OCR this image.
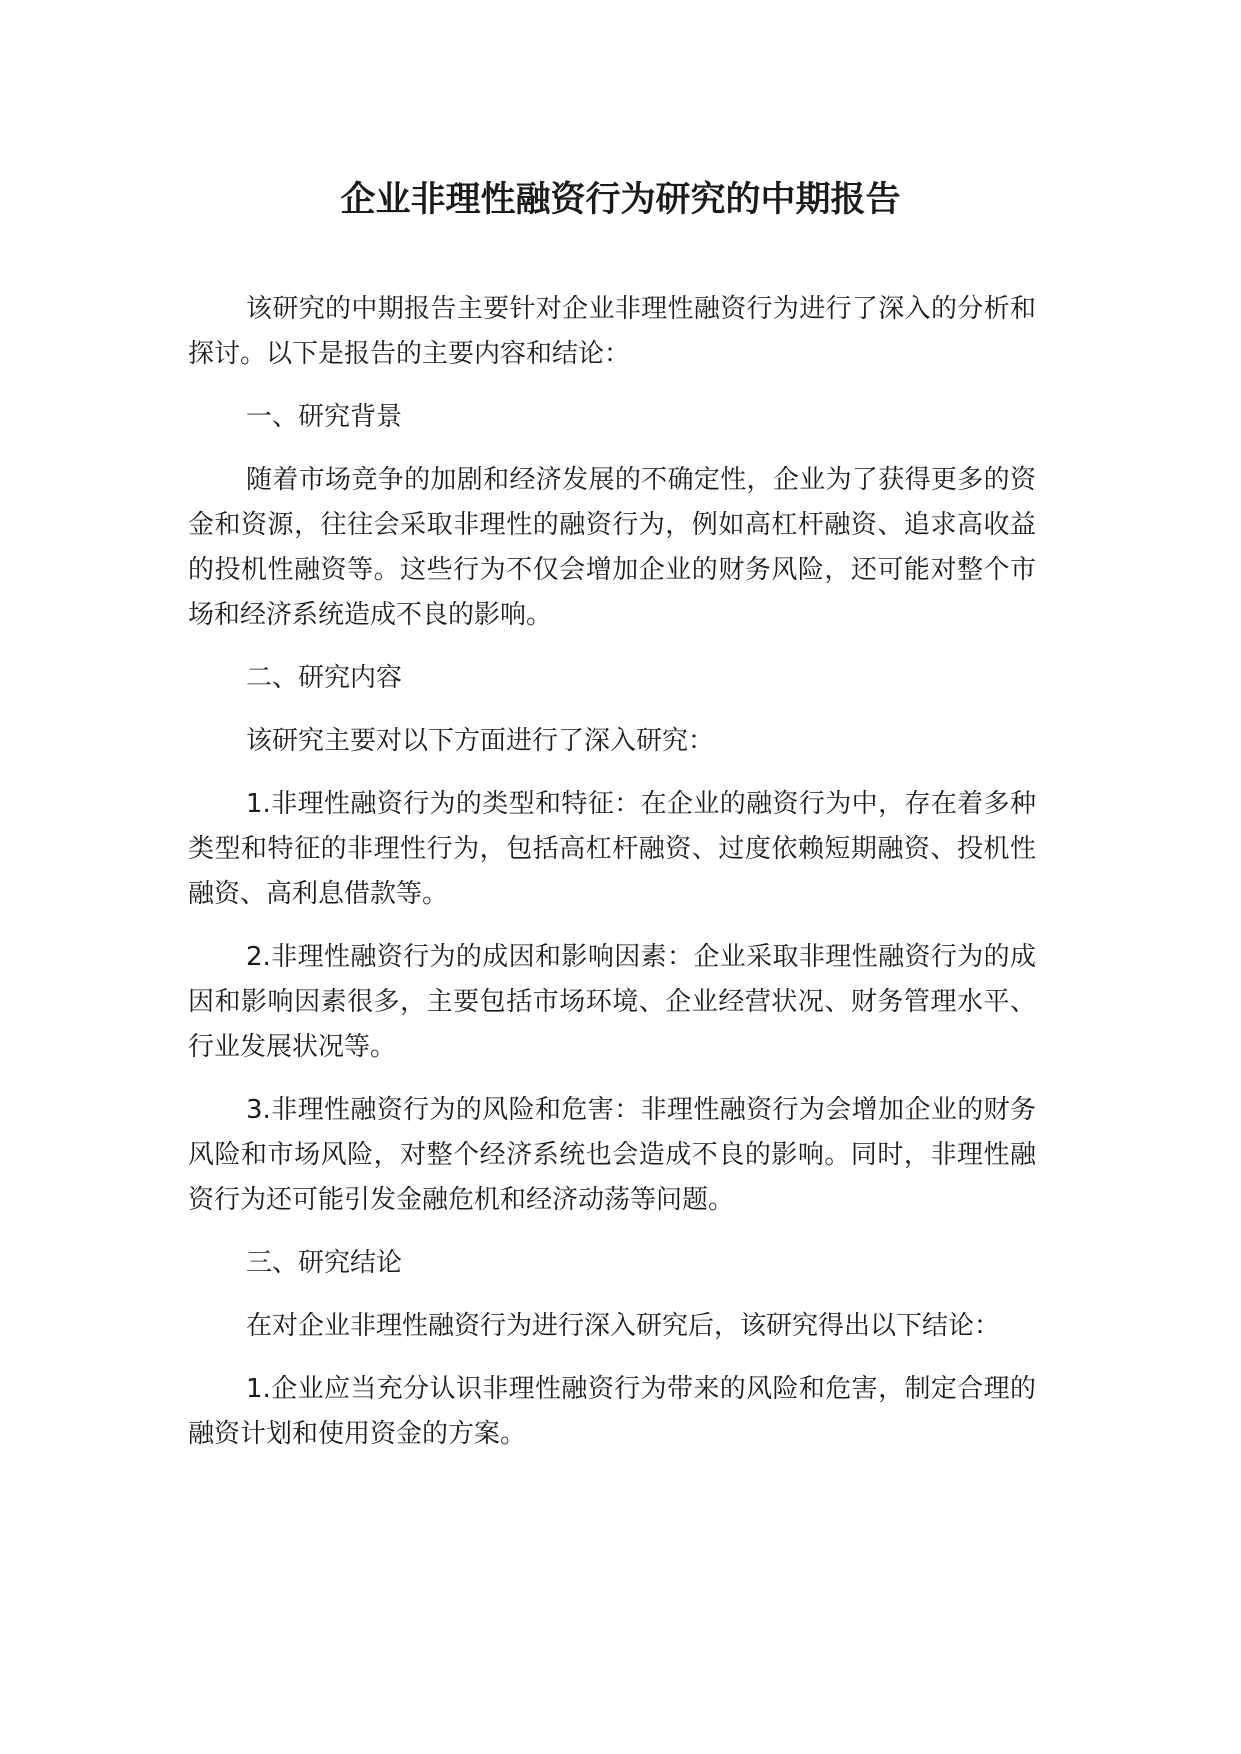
企业非理性融资行为研究的中期报告

该研究的中期报告主要针对企业非理性融资行为进行了深入的分析和探讨。以下是报告的主要内容和结论：

一、研究背景

随着市场竞争的加剧和经济发展的不确定性，企业为了获得更多的资金和资源，往往会采取非理性的融资行为，例如高杠杆融资、追求高收益的投机性融资等。这些行为不仅会增加企业的财务风险，还可能对整个市场和经济系统造成不良的影响。

二、研究内容

该研究主要对以下方面进行了深入研究：

1.非理性融资行为的类型和特征：在企业的融资行为中，存在着多种类型和特征的非理性行为，包括高杠杆融资、过度依赖短期融资、投机性融资、高利息借款等。

2.非理性融资行为的成因和影响因素：企业采取非理性融资行为的成因和影响因素很多，主要包括市场环境、企业经营状况、财务管理水平、行业发展状况等。

3.非理性融资行为的风险和危害：非理性融资行为会增加企业的财务风险和市场风险，对整个经济系统也会造成不良的影响。同时，非理性融资行为还可能引发金融危机和经济动荡等问题。

三、研究结论

在对企业非理性融资行为进行深入研究后，该研究得出以下结论：

1.企业应当充分认识非理性融资行为带来的风险和危害，制定合理的融资计划和使用资金的方案。
